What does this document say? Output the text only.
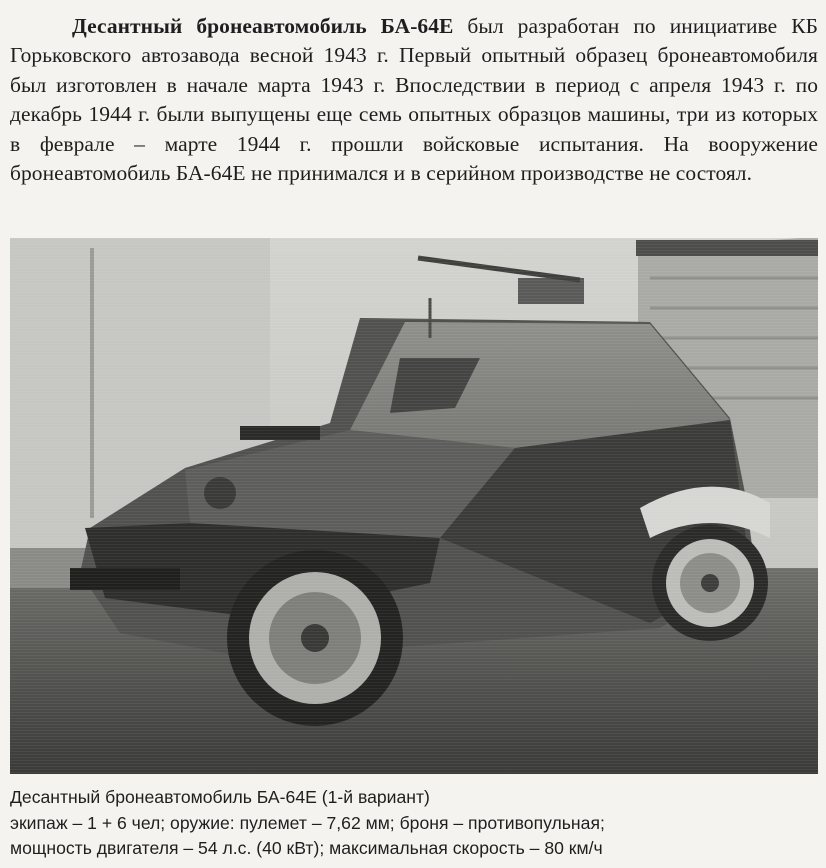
Десантный бронеавтомобиль БА-64Е был разработан по инициативе КБ Горьковского автозавода весной 1943 г. Первый опытный образец бронеавтомобиля был изготовлен в начале марта 1943 г. Впоследствии в период с апреля 1943 г. по декабрь 1944 г. были выпущены еще семь опытных образцов машины, три из которых в феврале – марте 1944 г. прошли войсковые испытания. На вооружение бронеавтомобиль БА-64Е не принимался и в серийном производстве не состоял.

Десантный бронеавтомобиль БА-64Е (1-й вариант)
экипаж – 1 + 6 чел; оружие: пулемет – 7,62 мм; броня – противопульная;
мощность двигателя – 54 л.с. (40 кВт); максимальная скорость – 80 км/ч
